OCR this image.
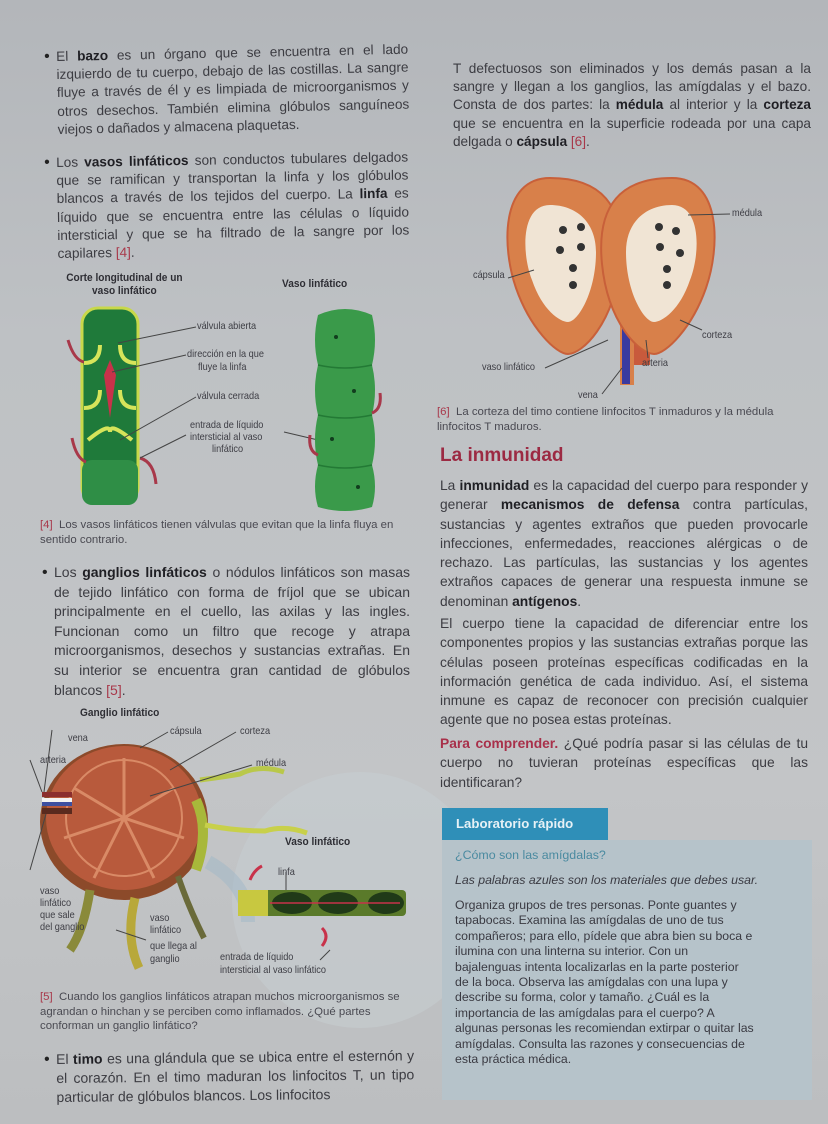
• El bazo es un órgano que se encuentra en el lado izquierdo de tu cuerpo, debajo de las costillas. La sangre fluye a través de él y es limpiada de microorganismos y otros desechos. También elimina glóbulos sanguíneos viejos o dañados y almacena plaquetas.
• Los vasos linfáticos son conductos tubulares delgados que se ramifican y transportan la linfa y los glóbulos blancos a través de los tejidos del cuerpo. La linfa es líquido que se encuentra entre las células o líquido intersticial y que se ha filtrado de la sangre por los capilares [4].
Corte longitudinal de un vaso linfático
Vaso linfático
válvula abierta
dirección en la que
fluye la linfa
válvula cerrada
entrada de líquido
intersticial al vaso
linfático
[4] Los vasos linfáticos tienen válvulas que evitan que la linfa fluya en sentido contrario.
• Los ganglios linfáticos o nódulos linfáticos son masas de tejido linfático con forma de fríjol que se ubican principalmente en el cuello, las axilas y las ingles. Funcionan como un filtro que recoge y atrapa microorganismos, desechos y sustancias extrañas. En su interior se encuentra gran cantidad de glóbulos blancos [5].
Ganglio linfático
vena
arteria
cápsula	corteza
médula
Vaso linfático
linfa
vaso
linfático
que sale
del ganglio
vaso
linfático
que llega al
ganglio	entrada de líquido
intersticial al vaso linfático
[5] Cuando los ganglios linfáticos atrapan muchos microorganismos se agrandan o hinchan y se perciben como inflamados. ¿Qué partes conforman un ganglio linfático?
• El timo es una glándula que se ubica entre el esternón y el corazón. En el timo maduran los linfocitos T, un tipo particular de glóbulos blancos. Los linfocitos
T defectuosos son eliminados y los demás pasan a la sangre y llegan a los ganglios, las amígdalas y el bazo. Consta de dos partes: la médula al interior y la corteza que se encuentra en la superficie rodeada por una capa delgada o cápsula [6].
médula
cápsula
corteza
arteria
vaso linfático
vena
[6] La corteza del timo contiene linfocitos T inmaduros y la médula linfocitos T maduros.
La inmunidad
La inmunidad es la capacidad del cuerpo para responder y generar mecanismos de defensa contra partículas, sustancias y agentes extraños que pueden provocarle infecciones, enfermedades, reacciones alérgicas o de rechazo. Las partículas, las sustancias y los agentes extraños capaces de generar una respuesta inmune se denominan antígenos.
El cuerpo tiene la capacidad de diferenciar entre los componentes propios y las sustancias extrañas porque las células poseen proteínas específicas codificadas en la información genética de cada individuo. Así, el sistema inmune es capaz de reconocer con precisión cualquier agente que no posea estas proteínas.
Para comprender. ¿Qué podría pasar si las células de tu cuerpo no tuvieran proteínas específicas que las identificaran?
Laboratorio rápido
¿Cómo son las amígdalas?
Las palabras azules son los materiales que debes usar.
Organiza grupos de tres personas. Ponte guantes y tapabocas. Examina las amígdalas de uno de tus compañeros; para ello, pídele que abra bien su boca e ilumina con una linterna su interior. Con un bajalenguas intenta localizarlas en la parte posterior de la boca. Observa las amígdalas con una lupa y describe su forma, color y tamaño. ¿Cuál es la importancia de las amígdalas para el cuerpo? A algunas personas les recomiendan extirpar o quitar las amígdalas. Consulta las razones y consecuencias de esta práctica médica.
